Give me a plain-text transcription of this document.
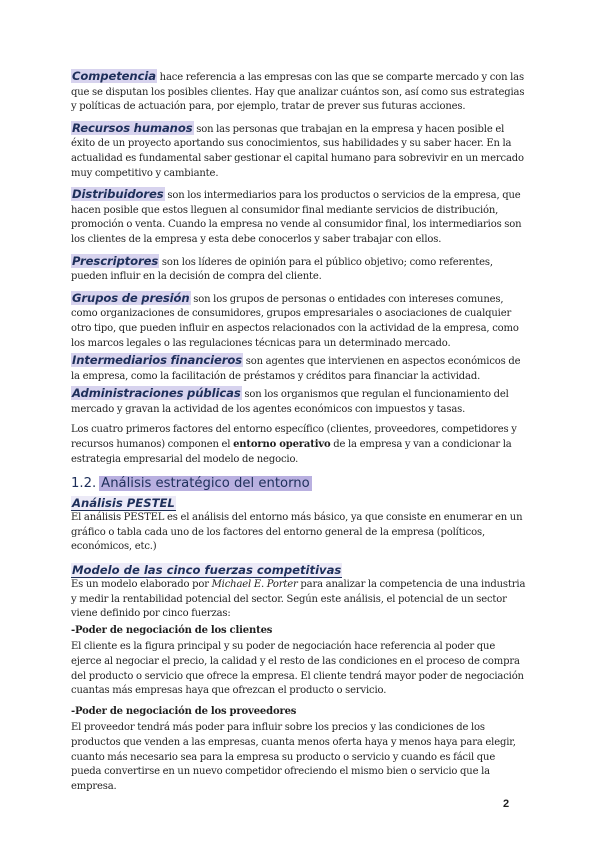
Competencia hace referencia a las empresas con las que se comparte mercado y con las que se disputan los posibles clientes. Hay que analizar cuántos son, así como sus estrategias y políticas de actuación para, por ejemplo, tratar de prever sus futuras acciones.

Recursos humanos son las personas que trabajan en la empresa y hacen posible el éxito de un proyecto aportando sus conocimientos, sus habilidades y su saber hacer. En la actualidad es fundamental saber gestionar el capital humano para sobrevivir en un mercado muy competitivo y cambiante.

Distribuidores son los intermediarios para los productos o servicios de la empresa, que hacen posible que estos lleguen al consumidor final mediante servicios de distribución, promoción o venta. Cuando la empresa no vende al consumidor final, los intermediarios son los clientes de la empresa y esta debe conocerlos y saber trabajar con ellos.

Prescriptores son los líderes de opinión para el público objetivo; como referentes, pueden influir en la decisión de compra del cliente.

Grupos de presión son los grupos de personas o entidades con intereses comunes, como organizaciones de consumidores, grupos empresariales o asociaciones de cualquier otro tipo, que pueden influir en aspectos relacionados con la actividad de la empresa, como los marcos legales o las regulaciones técnicas para un determinado mercado.

Intermediarios financieros son agentes que intervienen en aspectos económicos de la empresa, como la facilitación de préstamos y créditos para financiar la actividad.

Administraciones públicas son los organismos que regulan el funcionamiento del mercado y gravan la actividad de los agentes económicos con impuestos y tasas.

Los cuatro primeros factores del entorno específico (clientes, proveedores, competidores y recursos humanos) componen el entorno operativo de la empresa y van a condicionar la estrategia empresarial del modelo de negocio.

1.2. Análisis estratégico del entorno
Análisis PESTEL

El análisis PESTEL es el análisis del entorno más básico, ya que consiste en enumerar en un gráfico o tabla cada uno de los factores del entorno general de la empresa (políticos, económicos, etc.)

Modelo de las cinco fuerzas competitivas

Es un modelo elaborado por Michael E. Porter para analizar la competencia de una industria y medir la rentabilidad potencial del sector. Según este análisis, el potencial de un sector viene definido por cinco fuerzas:

-Poder de negociación de los clientes

El cliente es la figura principal y su poder de negociación hace referencia al poder que ejerce al negociar el precio, la calidad y el resto de las condiciones en el proceso de compra del producto o servicio que ofrece la empresa. El cliente tendrá mayor poder de negociación cuantas más empresas haya que ofrezcan el producto o servicio.

-Poder de negociación de los proveedores

El proveedor tendrá más poder para influir sobre los precios y las condiciones de los productos que venden a las empresas, cuanta menos oferta haya y menos haya para elegir, cuanto más necesario sea para la empresa su producto o servicio y cuando es fácil que pueda convertirse en un nuevo competidor ofreciendo el mismo bien o servicio que la empresa.

2
